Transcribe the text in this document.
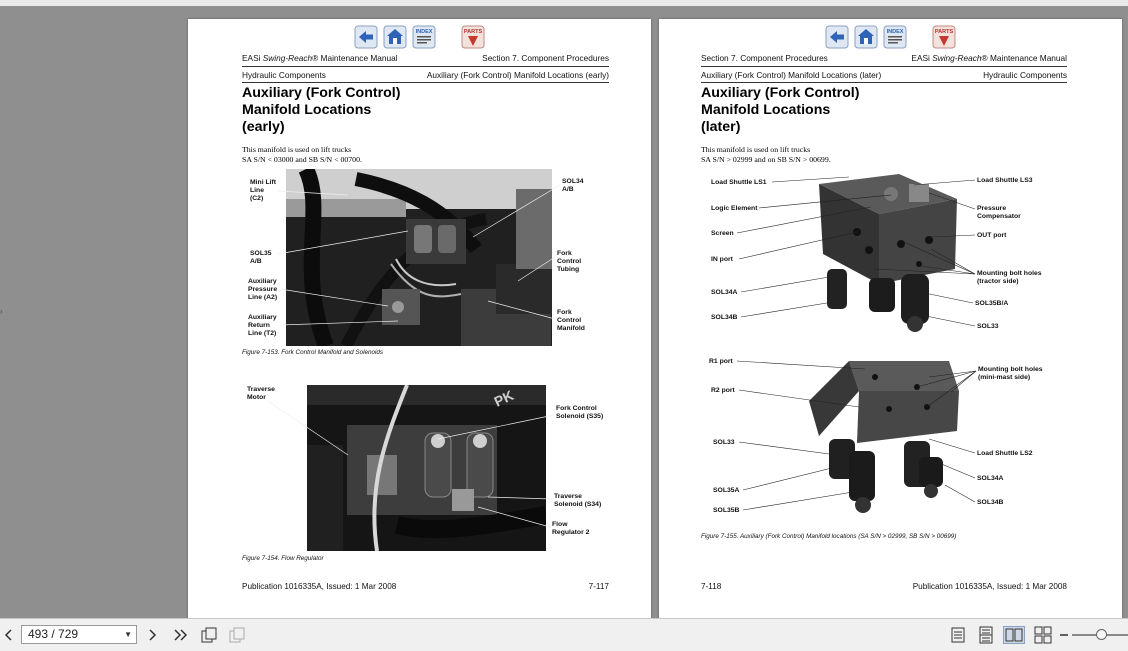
›
INDEX	PARTS
EASi Swing-Reach® Maintenance Manual	Section 7. Component Procedures
Hydraulic Components	Auxiliary (Fork Control) Manifold Locations (early)
Auxiliary (Fork Control)
Manifold Locations
(early)
This manifold is used on lift trucks
SA S/N < 03000 and SB S/N < 00700.
Mini Lift
Line
(C2)
SOL34
A/B
SOL35
A/B
Fork
Control
Tubing
Auxiliary
Pressure
Line (A2)
Auxiliary
Return
Line (T2)
Fork
Control
Manifold
Figure 7-153. Fork Control Manifold and Solenoids
PK
Traverse
Motor
Fork Control
Solenoid (S35)
Traverse
Solenoid (S34)
Flow
Regulator 2
Figure 7-154. Flow Regulator
Publication 1016335A, Issued: 1 Mar 2008	7-117
INDEX	PARTS
Section 7. Component Procedures	EASi Swing-Reach® Maintenance Manual
Auxiliary (Fork Control) Manifold Locations (later)	Hydraulic Components
Auxiliary (Fork Control)
Manifold Locations
(later)
This manifold is used on lift trucks
SA S/N > 02999 and on SB S/N > 00699.
Load Shuttle LS1
Logic Element
Screen
IN port
SOL34A
SOL34B
Load Shuttle LS3
Pressure
Compensator
OUT port
Mounting bolt holes
(tractor side)
SOL35B/A
SOL33
R1 port
R2 port
SOL33
SOL35A
SOL35B
Mounting bolt holes
(mini-mast side)
Load Shuttle LS2
SOL34A
SOL34B
Figure 7-155. Auxiliary (Fork Control) Manifold locations (SA S/N > 02999, SB S/N > 00699)
7-118	Publication 1016335A, Issued: 1 Mar 2008
493 / 729	▼
